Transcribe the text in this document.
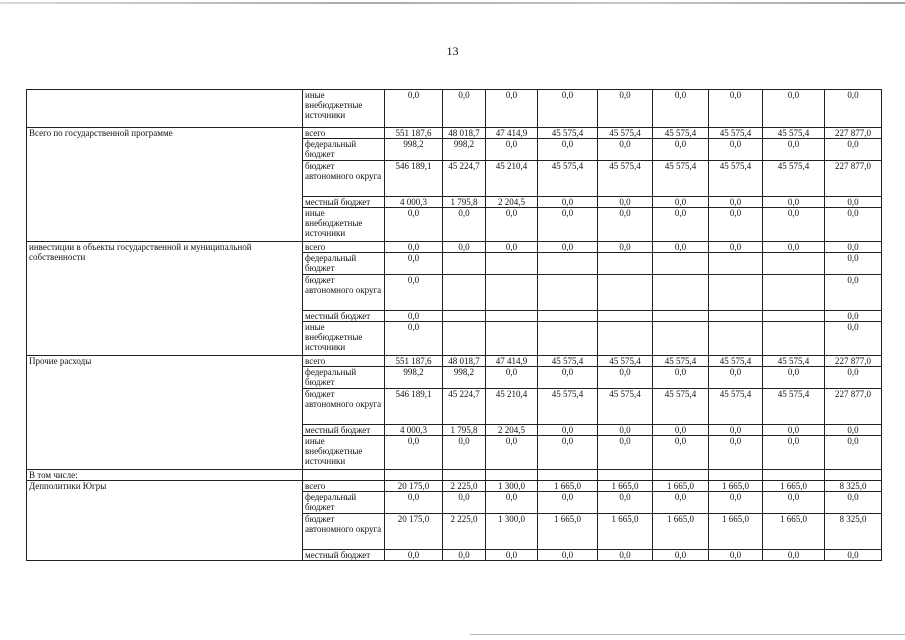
13
	иные внебюджетные источники	0,0	0,0	0,0	0,0	0,0	0,0	0,0	0,0	0,0
Всего по государственной программе	всего	551 187,6	48 018,7	47 414,9	45 575,4	45 575,4	45 575,4	45 575,4	45 575,4	227 877,0
	федеральный бюджет	998,2	998,2	0,0	0,0	0,0	0,0	0,0	0,0	0,0
	бюджет автономного округа	546 189,1	45 224,7	45 210,4	45 575,4	45 575,4	45 575,4	45 575,4	45 575,4	227 877,0
	местный бюджет	4 000,3	1 795,8	2 204,5	0,0	0,0	0,0	0,0	0,0	0,0
	иные внебюджетные источники	0,0	0,0	0,0	0,0	0,0	0,0	0,0	0,0	0,0
инвестиции в объекты государственной и муниципальной собственности	всего	0,0	0,0	0,0	0,0	0,0	0,0	0,0	0,0	0,0
	федеральный бюджет	0,0								0,0
	бюджет автономного округа	0,0								0,0
	местный бюджет	0,0								0,0
	иные внебюджетные источники	0,0								0,0
Прочие расходы	всего	551 187,6	48 018,7	47 414,9	45 575,4	45 575,4	45 575,4	45 575,4	45 575,4	227 877,0
	федеральный бюджет	998,2	998,2	0,0	0,0	0,0	0,0	0,0	0,0	0,0
	бюджет автономного округа	546 189,1	45 224,7	45 210,4	45 575,4	45 575,4	45 575,4	45 575,4	45 575,4	227 877,0
	местный бюджет	4 000,3	1 795,8	2 204,5	0,0	0,0	0,0	0,0	0,0	0,0
	иные внебюджетные источники	0,0	0,0	0,0	0,0	0,0	0,0	0,0	0,0	0,0
В том числе:										
Депполитики Югры	всего	20 175,0	2 225,0	1 300,0	1 665,0	1 665,0	1 665,0	1 665,0	1 665,0	8 325,0
	федеральный бюджет	0,0	0,0	0,0	0,0	0,0	0,0	0,0	0,0	0,0
	бюджет автономного округа	20 175,0	2 225,0	1 300,0	1 665,0	1 665,0	1 665,0	1 665,0	1 665,0	8 325,0
	местный бюджет	0,0	0,0	0,0	0,0	0,0	0,0	0,0	0,0	0,0
